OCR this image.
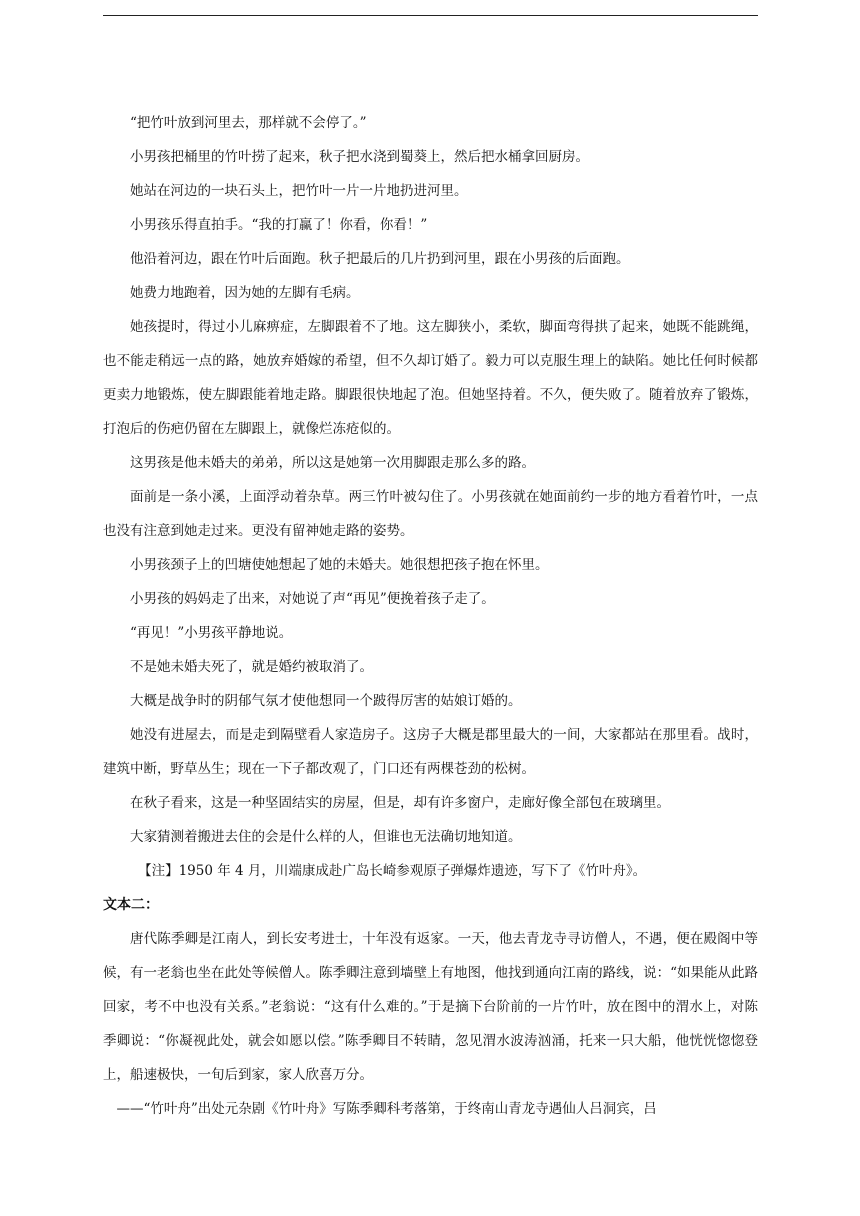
“把竹叶放到河里去，那样就不会停了。”

小男孩把桶里的竹叶捞了起来，秋子把水浇到蜀葵上，然后把水桶拿回厨房。

她站在河边的一块石头上，把竹叶一片一片地扔进河里。

小男孩乐得直拍手。“我的打赢了！你看，你看！”

他沿着河边，跟在竹叶后面跑。秋子把最后的几片扔到河里，跟在小男孩的后面跑。

她费力地跑着，因为她的左脚有毛病。

她孩提时，得过小儿麻痹症，左脚跟着不了地。这左脚狭小，柔软，脚面弯得拱了起来，她既不能跳绳，也不能走稍远一点的路，她放弃婚嫁的希望，但不久却订婚了。毅力可以克服生理上的缺陷。她比任何时候都更卖力地锻炼，使左脚跟能着地走路。脚跟很快地起了泡。但她坚持着。不久，便失败了。随着放弃了锻炼，打泡后的伤疤仍留在左脚跟上，就像烂冻疮似的。

这男孩是他未婚夫的弟弟，所以这是她第一次用脚跟走那么多的路。

面前是一条小溪，上面浮动着杂草。两三竹叶被勾住了。小男孩就在她面前约一步的地方看着竹叶，一点也没有注意到她走过来。更没有留神她走路的姿势。

小男孩颈子上的凹塘使她想起了她的未婚夫。她很想把孩子抱在怀里。

小男孩的妈妈走了出来，对她说了声“再见”便挽着孩子走了。

“再见！”小男孩平静地说。

不是她未婚夫死了，就是婚约被取消了。

大概是战争时的阴郁气氛才使他想同一个跛得厉害的姑娘订婚的。

她没有进屋去，而是走到隔壁看人家造房子。这房子大概是郡里最大的一间，大家都站在那里看。战时，建筑中断，野草丛生；现在一下子都改观了，门口还有两棵苍劲的松树。

在秋子看来，这是一种坚固结实的房屋，但是，却有许多窗户，走廊好像全部包在玻璃里。

大家猜测着搬进去住的会是什么样的人，但谁也无法确切地知道。

【注】1950 年 4 月，川端康成赴广岛长崎参观原子弹爆炸遗迹，写下了《竹叶舟》。

文本二：

唐代陈季卿是江南人，到长安考进士，十年没有返家。一天，他去青龙寺寻访僧人，不遇，便在殿阁中等候，有一老翁也坐在此处等候僧人。陈季卿注意到墙壁上有地图，他找到通向江南的路线，说：“如果能从此路回家，考不中也没有关系。”老翁说：“这有什么难的。”于是摘下台阶前的一片竹叶，放在图中的渭水上，对陈季卿说：“你凝视此处，就会如愿以偿。”陈季卿目不转睛，忽见渭水波涛汹涌，托来一只大船，他恍恍惚惚登上，船速极快，一旬后到家，家人欣喜万分。

——“竹叶舟”出处元杂剧《竹叶舟》写陈季卿科考落第，于终南山青龙寺遇仙人吕洞宾，吕
